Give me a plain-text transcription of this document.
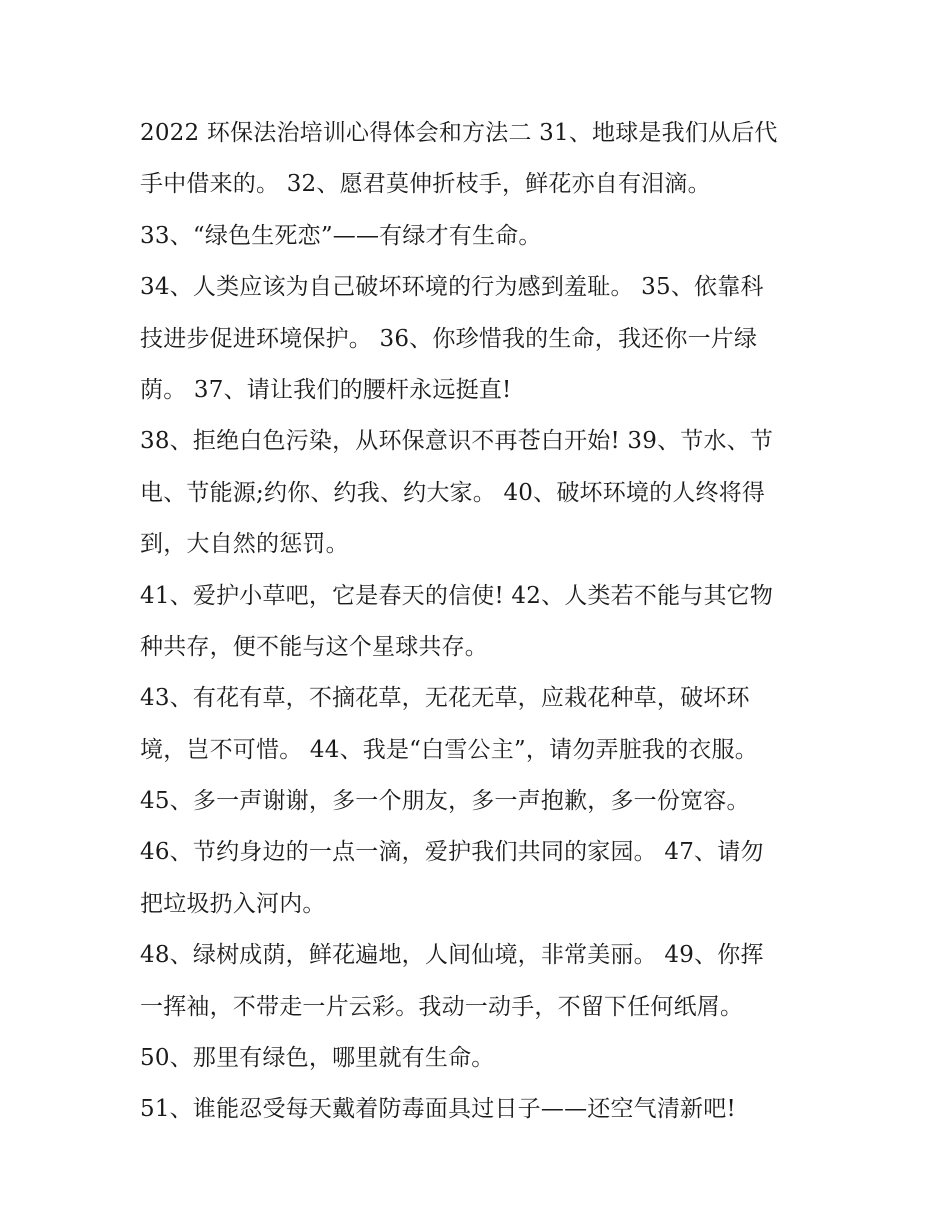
2022 环保法治培训心得体会和方法二 31、地球是我们从后代
手中借来的。 32、愿君莫伸折枝手，鲜花亦自有泪滴。
33、“绿色生死恋”——有绿才有生命。
34、人类应该为自己破坏环境的行为感到羞耻。 35、依靠科
技进步促进环境保护。 36、你珍惜我的生命，我还你一片绿
荫。 37、请让我们的腰杆永远挺直!
38、拒绝白色污染，从环保意识不再苍白开始! 39、节水、节
电、节能源;约你、约我、约大家。 40、破坏环境的人终将得
到，大自然的惩罚。
41、爱护小草吧，它是春天的信使! 42、人类若不能与其它物
种共存，便不能与这个星球共存。
43、有花有草，不摘花草，无花无草，应栽花种草，破坏环
境，岂不可惜。 44、我是“白雪公主”，请勿弄脏我的衣服。
45、多一声谢谢，多一个朋友，多一声抱歉，多一份宽容。
46、节约身边的一点一滴，爱护我们共同的家园。 47、请勿
把垃圾扔入河内。
48、绿树成荫，鲜花遍地，人间仙境，非常美丽。 49、你挥
一挥袖，不带走一片云彩。我动一动手，不留下任何纸屑。
50、那里有绿色，哪里就有生命。
51、谁能忍受每天戴着防毒面具过日子——还空气清新吧!
